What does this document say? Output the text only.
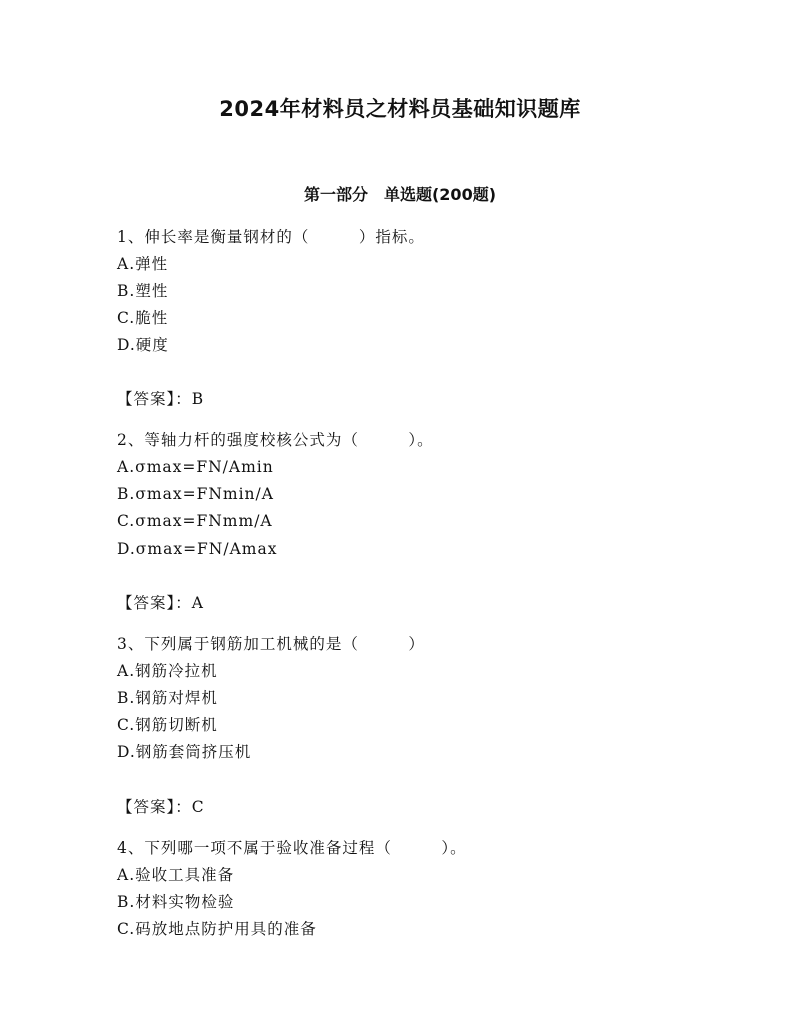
2024年材料员之材料员基础知识题库
第一部分　单选题(200题)
1、伸长率是衡量钢材的（　　　）指标。
A.弹性
B.塑性
C.脆性
D.硬度
【答案】：B
2、等轴力杆的强度校核公式为（　　　）。
A.σmax=FN/Amin
B.σmax=FNmin/A
C.σmax=FNmm/A
D.σmax=FN/Amax
【答案】：A
3、下列属于钢筋加工机械的是（　　　）
A.钢筋冷拉机
B.钢筋对焊机
C.钢筋切断机
D.钢筋套筒挤压机
【答案】：C
4、下列哪一项不属于验收准备过程（　　　）。
A.验收工具准备
B.材料实物检验
C.码放地点防护用具的准备
